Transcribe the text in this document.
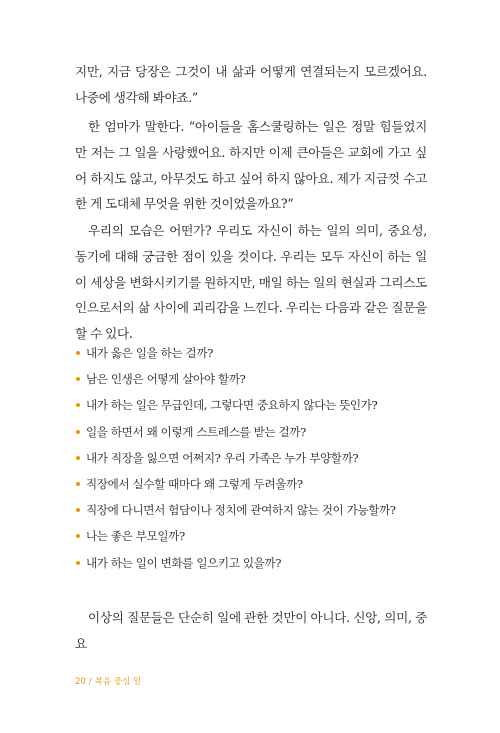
지만, 지금 당장은 그것이 내 삶과 어떻게 연결되는지 모르겠어요. 나중에 생각해 봐야죠.”

한 엄마가 말한다. “아이들을 홈스쿨링하는 일은 정말 힘들었지만 저는 그 일을 사랑했어요. 하지만 이제 큰아들은 교회에 가고 싶어 하지도 않고, 아무것도 하고 싶어 하지 않아요. 제가 지금껏 수고한 게 도대체 무엇을 위한 것이었을까요?”

우리의 모습은 어떤가? 우리도 자신이 하는 일의 의미, 중요성, 동기에 대해 궁금한 점이 있을 것이다. 우리는 모두 자신이 하는 일이 세상을 변화시키기를 원하지만, 매일 하는 일의 현실과 그리스도인으로서의 삶 사이에 괴리감을 느낀다. 우리는 다음과 같은 질문을 할 수 있다.

내가 옳은 일을 하는 걸까?
남은 인생은 어떻게 살아야 할까?
내가 하는 일은 무급인데, 그렇다면 중요하지 않다는 뜻인가?
일을 하면서 왜 이렇게 스트레스를 받는 걸까?
내가 직장을 잃으면 어쩌지? 우리 가족은 누가 부양할까?
직장에서 실수할 때마다 왜 그렇게 두려울까?
직장에 다니면서 험담이나 정치에 관여하지 않는 것이 가능할까?
나는 좋은 부모일까?
내가 하는 일이 변화를 일으키고 있을까?

이상의 질문들은 단순히 일에 관한 것만이 아니다. 신앙, 의미, 중요

20 / 복음 중심 일
